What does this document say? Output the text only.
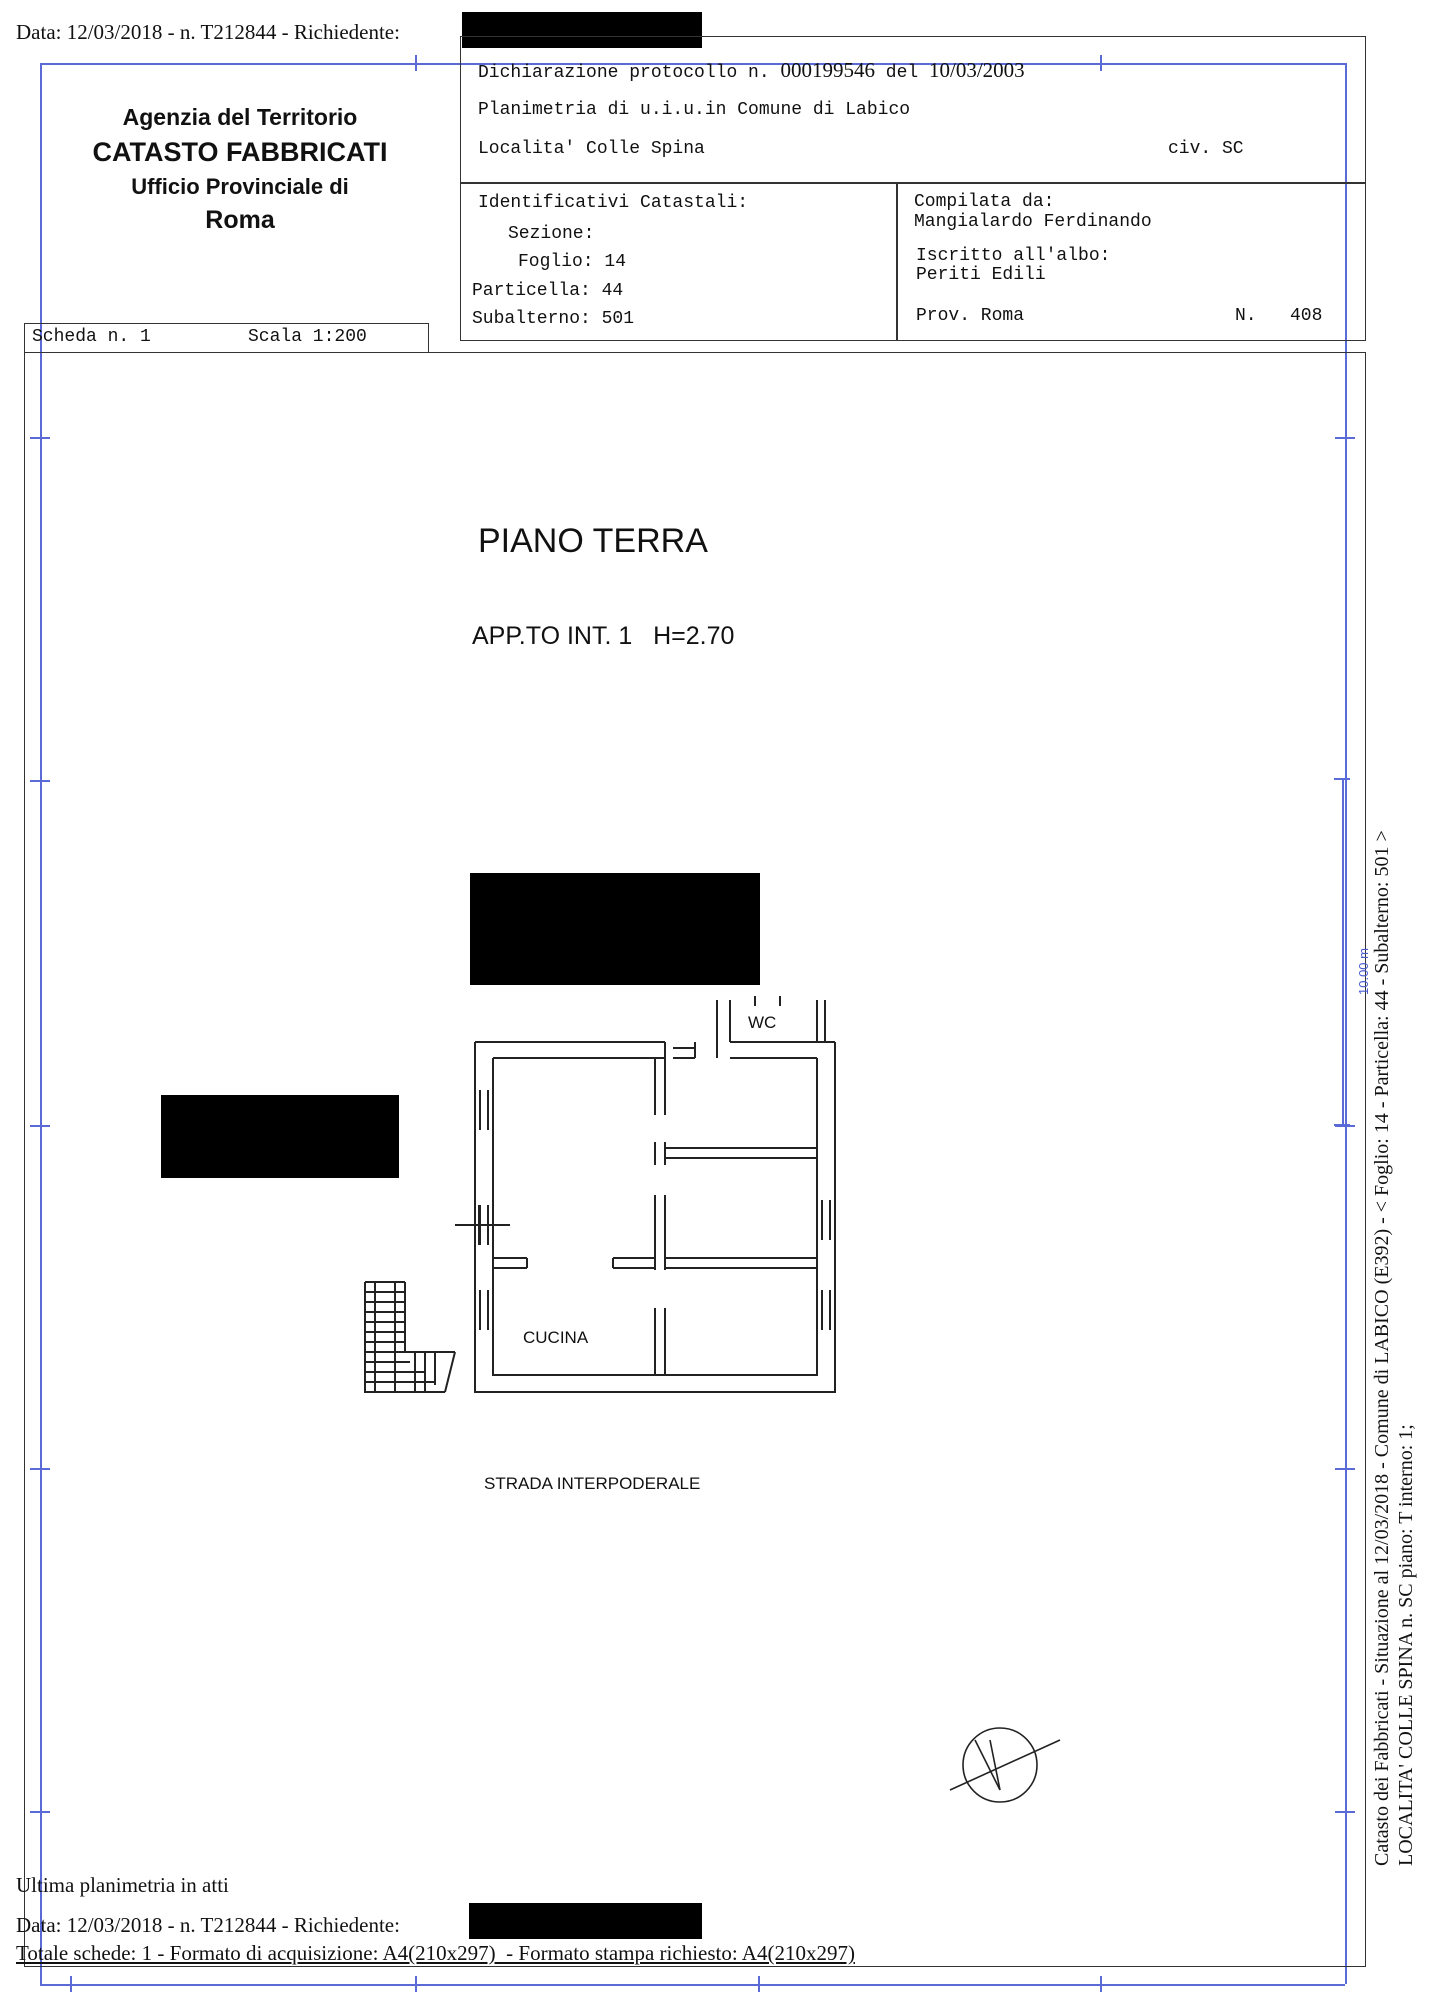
Data: 12/03/2018 - n. T212844 - Richiedente:
Agenzia del Territorio
CATASTO FABBRICATI
Ufficio Provinciale di
Roma
Dichiarazione protocollo n. 000199546 del 10/03/2003
Planimetria di u.i.u.in Comune di Labico
Localita' Colle Spina	civ. SC
Identificativi Catastali:
Sezione:
Foglio: 14
Particella: 44
Subalterno: 501
Compilata da:
Mangialardo Ferdinando
Iscritto all'albo:
Periti Edili
Prov. Roma	N. 408
Scheda n. 1	Scala 1:200
PIANO TERRA
APP.TO INT. 1   H=2.70
WC
CUCINA
STRADA INTERPODERALE
10.00 m Catasto dei Fabbricati - Situazione al 12/03/2018 - Comune di LABICO (E392) - < Foglio: 14 - Particella: 44 - Subalterno: 501 > LOCALITA' COLLE SPINA n. SC piano: T interno: 1;
Ultima planimetria in atti
Data: 12/03/2018 - n. T212844 - Richiedente:
Totale schede: 1 - Formato di acquisizione: A4(210x297)  - Formato stampa richiesto: A4(210x297)
